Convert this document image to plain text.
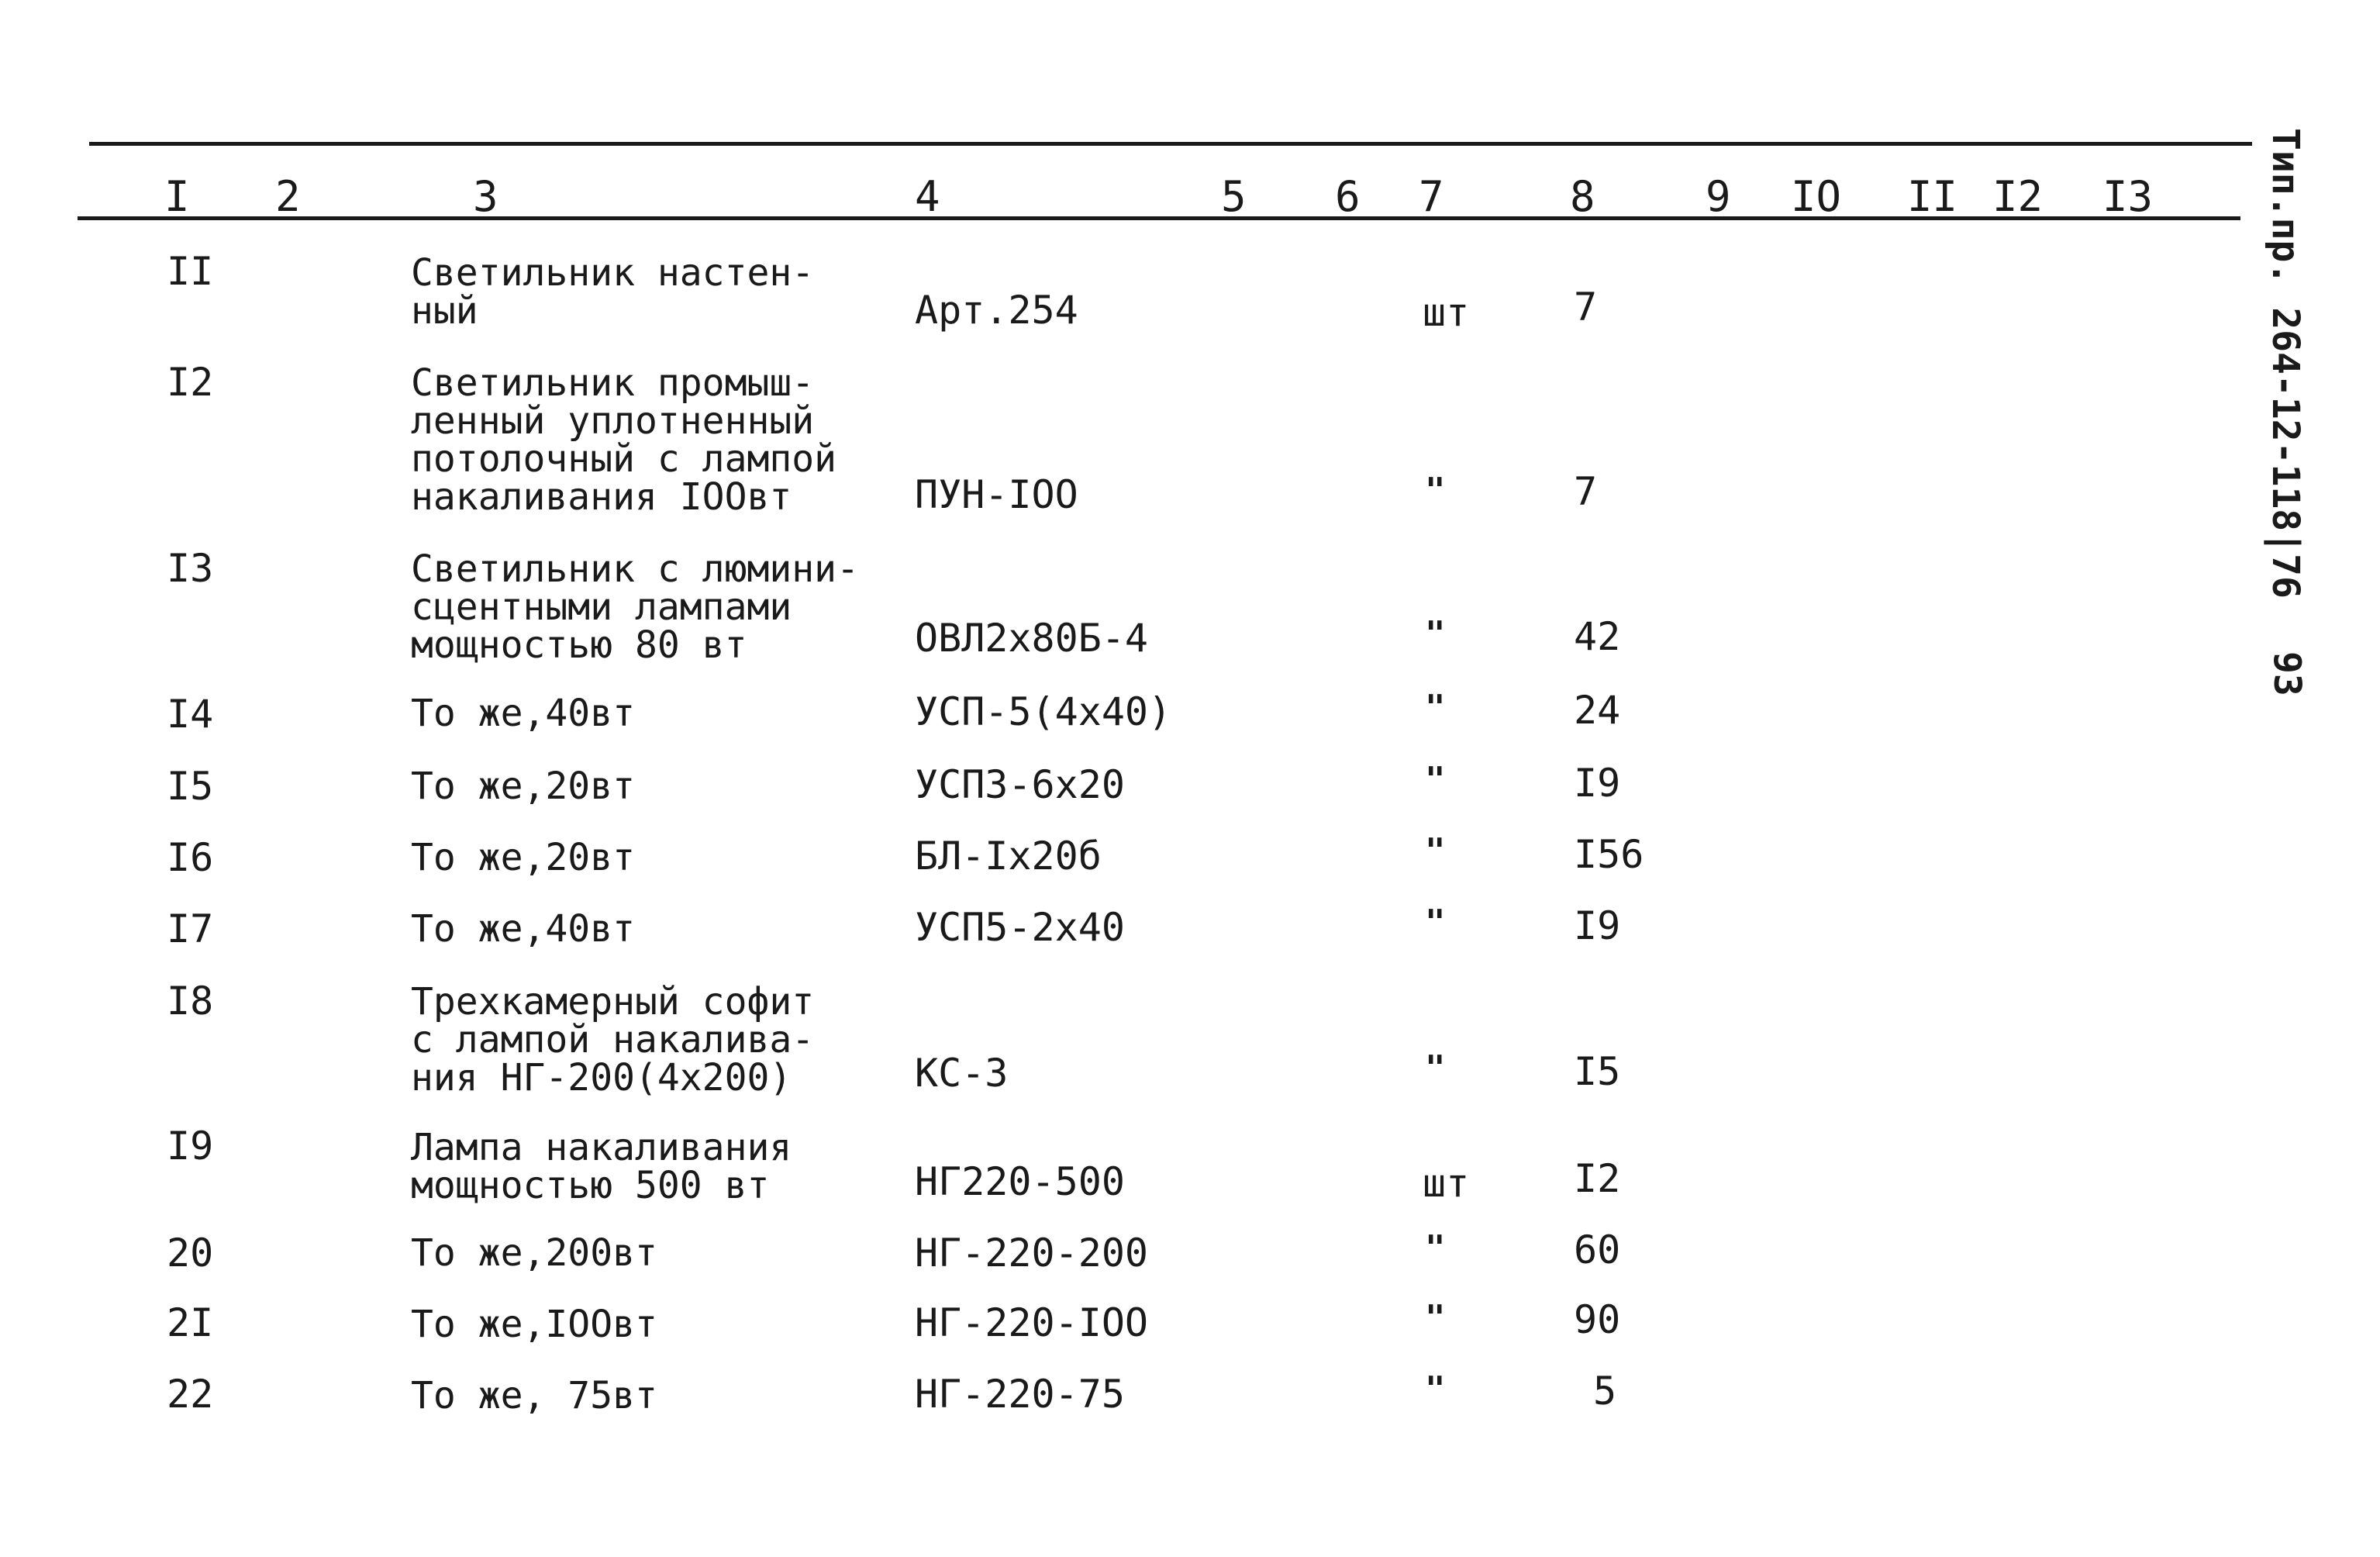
I 2	3	4	5 6 7	8	9 IO II I2 I3
II	Светильник настен-
ный	Арт.254	шт	7
I2	Светильник промыш-
ленный уплотненный
потолочный с лампой
накаливания IOOвт	ПУН-IOO	"	7
I3	Светильник с люмини-
сцентными лампами
мощностью 80 вт	ОВЛ2х80Б-4	"	42
I4	То же,40вт	УСП-5(4х40)	"	24
I5	То же,20вт	УСП3-6х20	"	I9
I6	То же,20вт	БЛ-Iх20б	"	I56
I7	То же,40вт	УСП5-2х40	"	I9
I8	Трехкамерный софит
с лампой накалива-
ния НГ-200(4х200)	КС-3	"	I5
I9	Лампа накаливания
мощностью 500 вт	НГ220-500	шт	I2
20	То же,200вт	НГ-220-200	"	60
2I	То же,IOOвт	НГ-220-IOO	"	90
22	То же, 75вт	НГ-220-75	"	5
Тип.пр. 264-12-118|76
93
